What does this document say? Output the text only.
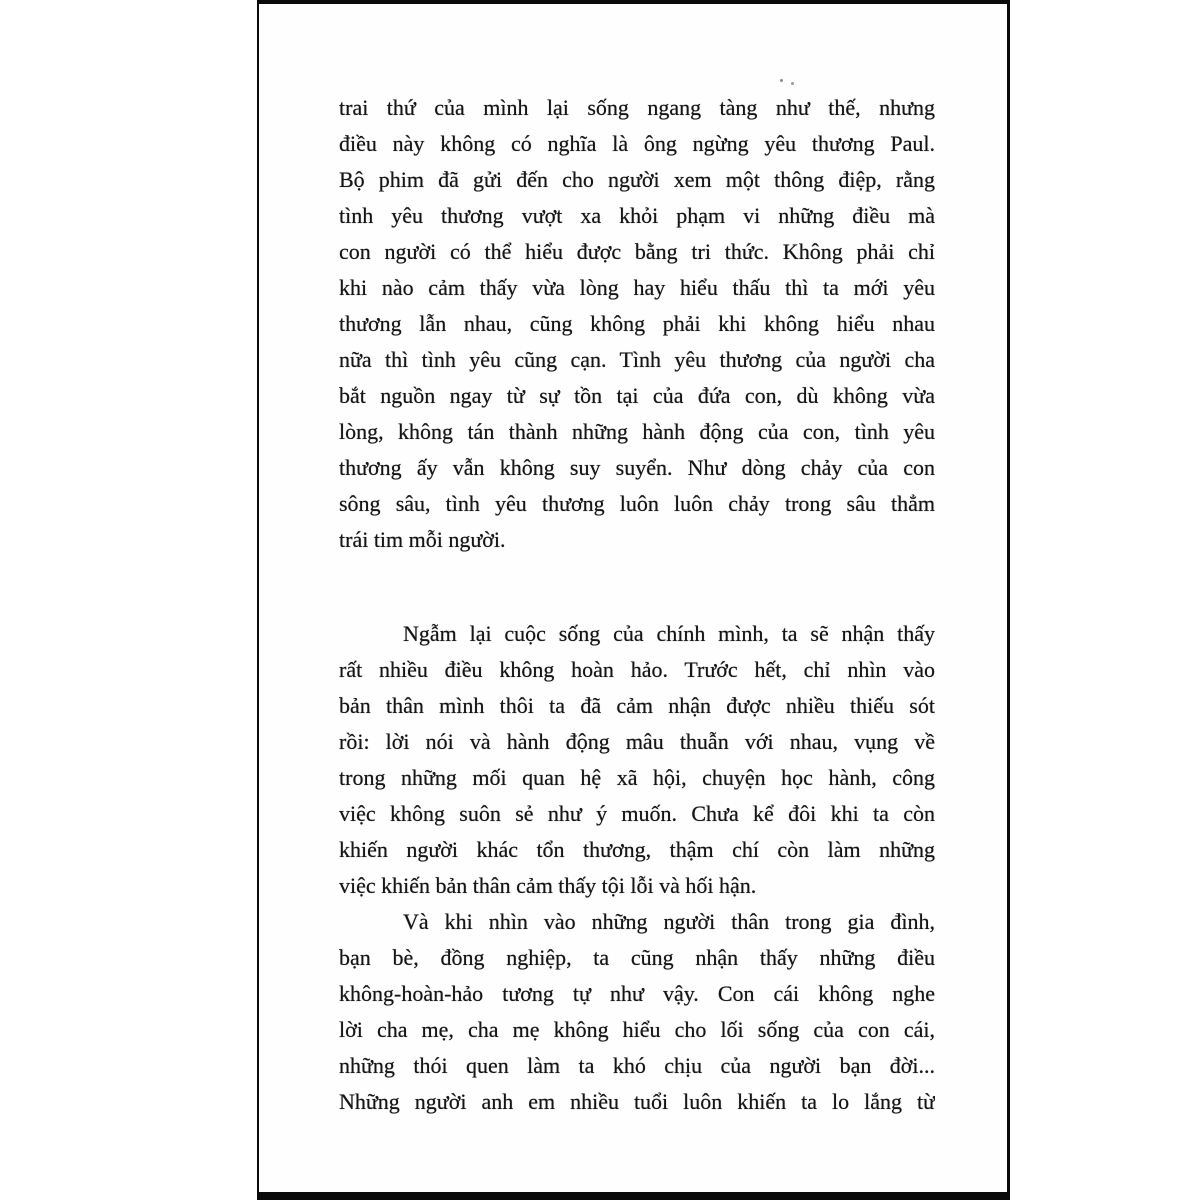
trai thứ của mình lại sống ngang tàng như thế, nhưng
điều này không có nghĩa là ông ngừng yêu thương Paul.
Bộ phim đã gửi đến cho người xem một thông điệp, rằng
tình yêu thương vượt xa khỏi phạm vi những điều mà
con người có thể hiểu được bằng tri thức. Không phải chỉ
khi nào cảm thấy vừa lòng hay hiểu thấu thì ta mới yêu
thương lẫn nhau, cũng không phải khi không hiểu nhau
nữa thì tình yêu cũng cạn. Tình yêu thương của người cha
bắt nguồn ngay từ sự tồn tại của đứa con, dù không vừa
lòng, không tán thành những hành động của con, tình yêu
thương ấy vẫn không suy suyển. Như dòng chảy của con
sông sâu, tình yêu thương luôn luôn chảy trong sâu thẳm
trái tim mỗi người.
Ngẫm lại cuộc sống của chính mình, ta sẽ nhận thấy
rất nhiều điều không hoàn hảo. Trước hết, chỉ nhìn vào
bản thân mình thôi ta đã cảm nhận được nhiều thiếu sót
rồi: lời nói và hành động mâu thuẫn với nhau, vụng về
trong những mối quan hệ xã hội, chuyện học hành, công
việc không suôn sẻ như ý muốn. Chưa kể đôi khi ta còn
khiến người khác tổn thương, thậm chí còn làm những
việc khiến bản thân cảm thấy tội lỗi và hối hận.
Và khi nhìn vào những người thân trong gia đình,
bạn bè, đồng nghiệp, ta cũng nhận thấy những điều
không-hoàn-hảo tương tự như vậy. Con cái không nghe
lời cha mẹ, cha mẹ không hiểu cho lối sống của con cái,
những thói quen làm ta khó chịu của người bạn đời...
Những người anh em nhiều tuổi luôn khiến ta lo lắng từ
